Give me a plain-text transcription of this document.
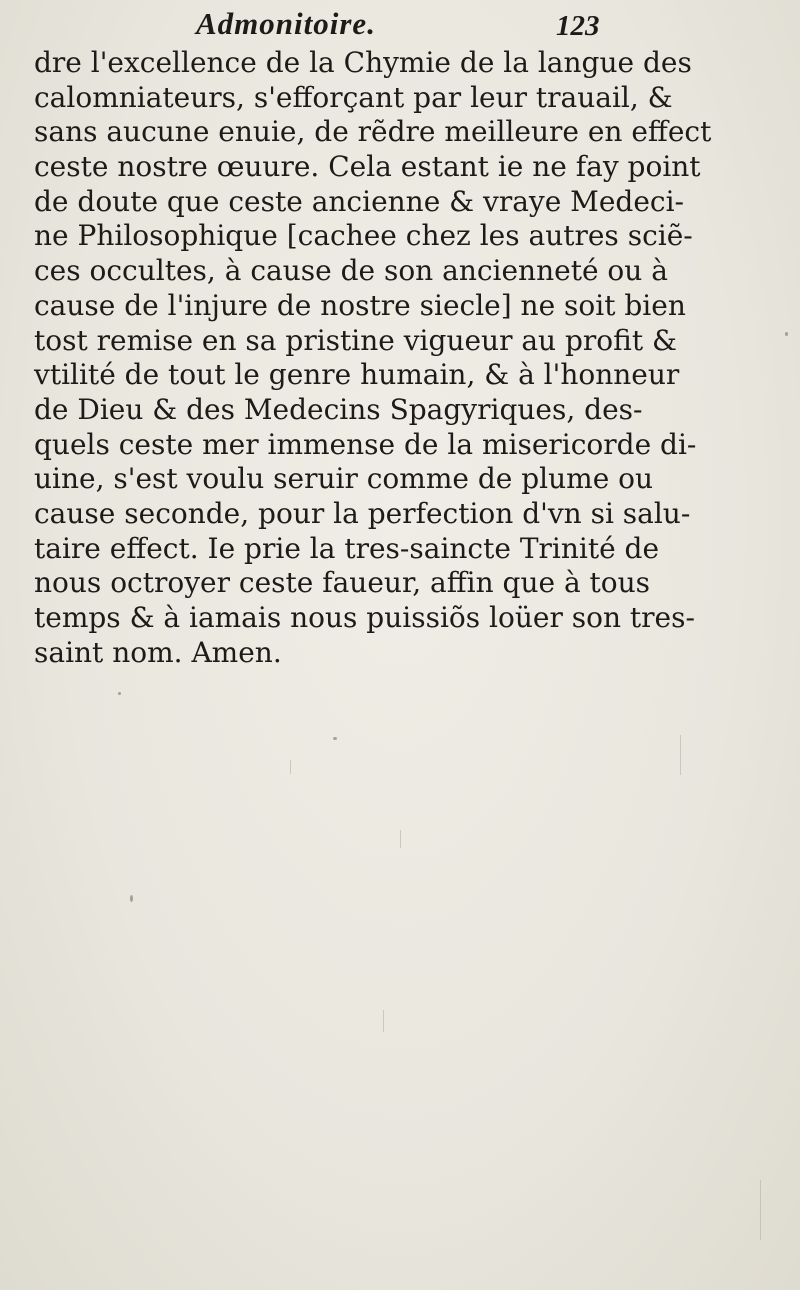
Admonitoire.	123
dre l'excellence de la Chymie de la langue des
calomniateurs, s'efforçant par leur trauail, &
sans aucune enuie, de rẽdre meilleure en effect
ceste nostre œuure. Cela estant ie ne fay point
de doute que ceste ancienne & vraye Medeci-
ne Philosophique [cachee chez les autres sciẽ-
ces occultes, à cause de son ancienneté ou à
cause de l'injure de nostre siecle] ne soit bien
tost remise en sa pristine vigueur au profit &
vtilité de tout le genre humain, & à l'honneur
de Dieu & des Medecins Spagyriques, des-
quels ceste mer immense de la misericorde di-
uine, s'est voulu seruir comme de plume ou
cause seconde, pour la perfection d'vn si salu-
taire effect. Ie prie la tres-saincte Trinité de
nous octroyer ceste faueur, affin que à tous
temps & à iamais nous puissiõs loüer son tres-
saint nom. Amen.
